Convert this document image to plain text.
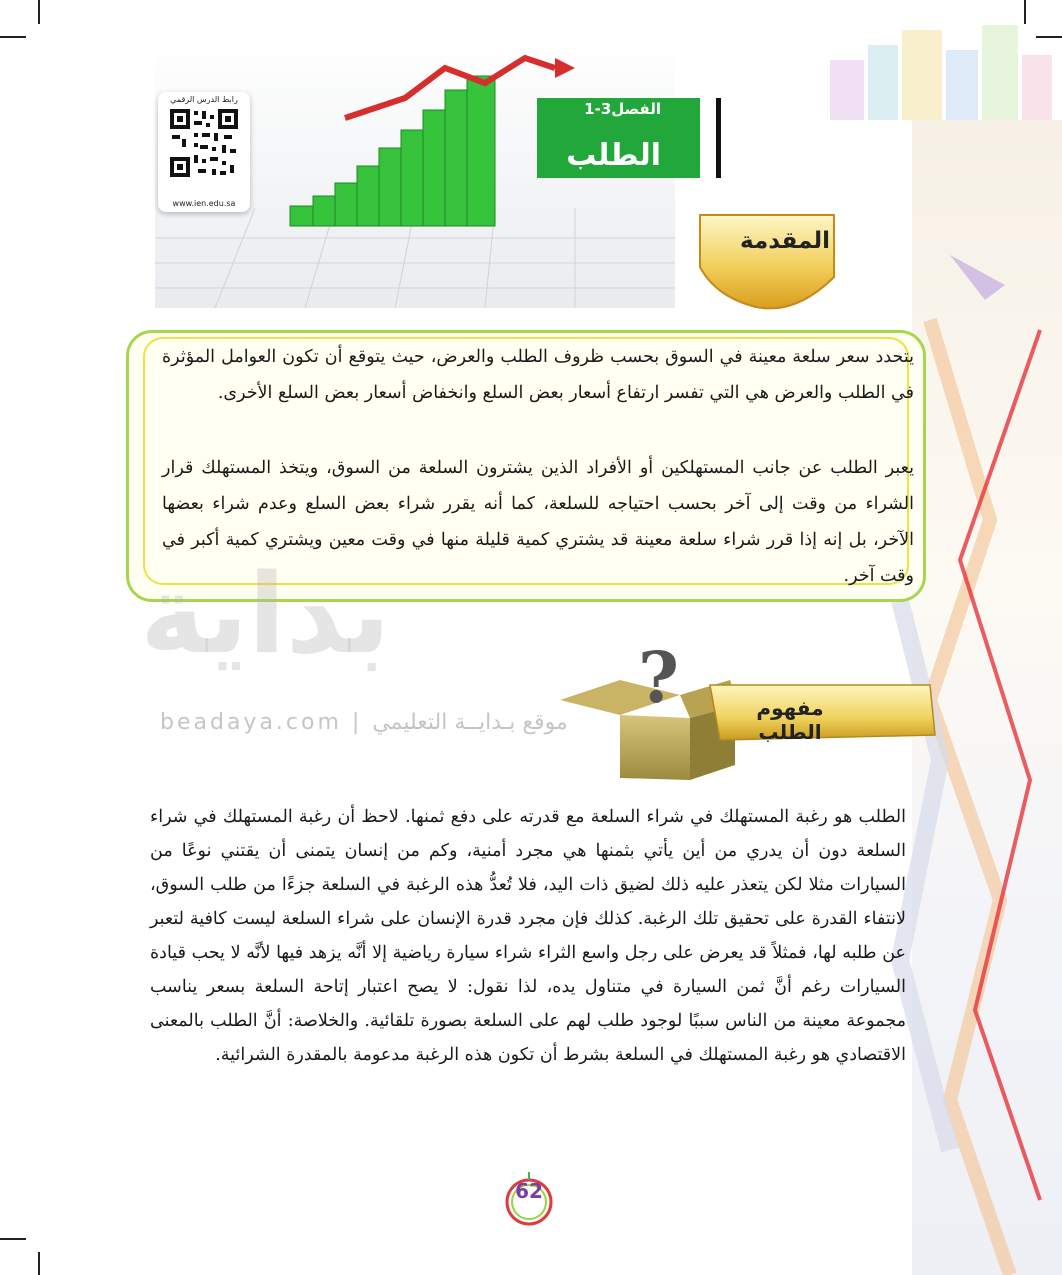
رابط الدرس الرقمي
www.ien.edu.sa
الفصل3-1
الطلب
المقدمة
يتحدد سعر سلعة معينة في السوق بحسب ظروف الطلب والعرض، حيث يتوقع أن تكون العوامل المؤثرة في الطلب والعرض هي التي تفسر ارتفاع أسعار بعض السلع وانخفاض أسعار بعض السلع الأخرى.
يعبر الطلب عن جانب المستهلكين أو الأفراد الذين يشترون السلعة من السوق، ويتخذ المستهلك قرار الشراء من وقت إلى آخر بحسب احتياجه للسلعة، كما أنه يقرر شراء بعض السلع وعدم شراء بعضها الآخر، بل إنه إذا قرر شراء سلعة معينة قد يشتري كمية قليلة منها في وقت معين ويشتري كمية أكبر في وقت آخر.
بداية
beadaya.com | موقع بـدايــة التعليمي
?	مفهوم الطلب
الطلب هو رغبة المستهلك في شراء السلعة مع قدرته على دفع ثمنها. لاحظ أن رغبة المستهلك في شراء السلعة دون أن يدري من أين يأتي بثمنها هي مجرد أمنية، وكم من إنسان يتمنى أن يقتني نوعًا من السيارات مثلا لكن يتعذر عليه ذلك لضيق ذات اليد، فلا تُعدُّ هذه الرغبة في السلعة جزءًا من طلب السوق، لانتفاء القدرة على تحقيق تلك الرغبة. كذلك فإن مجرد قدرة الإنسان على شراء السلعة ليست كافية لتعبر عن طلبه لها، فمثلاً قد يعرض على رجل واسع الثراء شراء سيارة رياضية إلا أنَّه يزهد فيها لأنَّه لا يحب قيادة السيارات رغم أنَّ ثمن السيارة في متناول يده، لذا نقول: لا يصح اعتبار إتاحة السلعة بسعر يناسب مجموعة معينة من الناس سببًا لوجود طلب لهم على السلعة بصورة تلقائية. والخلاصة: أنَّ الطلب بالمعنى الاقتصادي هو رغبة المستهلك في السلعة بشرط أن تكون هذه الرغبة مدعومة بالمقدرة الشرائية.
62
